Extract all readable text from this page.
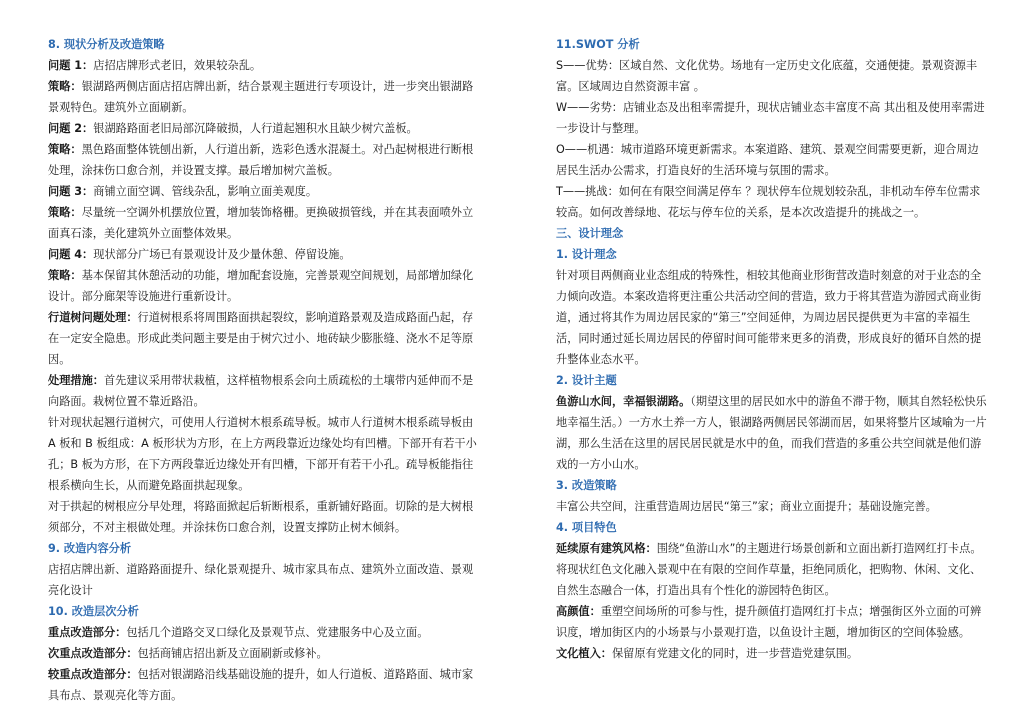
8. 现状分析及改造策略

问题 1：店招店牌形式老旧，效果较杂乱。

策略：银湖路两侧店面店招店牌出新，结合景观主题进行专项设计，进一步突出银湖路景观特色。建筑外立面刷新。

问题 2：银湖路路面老旧局部沉降破损，人行道起翘积水且缺少树穴盖板。

策略：黑色路面整体铣刨出新，人行道出新，选彩色透水混凝土。对凸起树根进行断根处理，涂抹伤口愈合剂，并设置支撑。最后增加树穴盖板。

问题 3：商铺立面空调、管线杂乱，影响立面美观度。

策略：尽量统一空调外机摆放位置，增加装饰格栅。更换破损管线，并在其表面喷外立面真石漆，美化建筑外立面整体效果。

问题 4：现状部分广场已有景观设计及少量休憩、停留设施。

策略：基本保留其休憩活动的功能，增加配套设施，完善景观空间规划，局部增加绿化设计。部分廊架等设施进行重新设计。

行道树问题处理：行道树根系将周围路面拱起裂纹，影响道路景观及造成路面凸起，存在一定安全隐患。形成此类问题主要是由于树穴过小、地砖缺少膨胀缝、浇水不足等原因。

处理措施：首先建议采用带状栽植，这样植物根系会向土质疏松的土壤带内延伸而不是向路面。栽树位置不靠近路沿。

针对现状起翘行道树穴，可使用人行道树木根系疏导板。城市人行道树木根系疏导板由 A 板和 B 板组成：A 板形状为方形，在上方两段靠近边缘处均有凹槽。下部开有若干小孔；B 板为方形，在下方两段靠近边缘处开有凹槽，下部开有若干小孔。疏导板能指往根系横向生长，从而避免路面拱起现象。

对于拱起的树根应分早处理，将路面掀起后斩断根系，重新铺好路面。切除的是大树根须部分，不对主根做处理。并涂抹伤口愈合剂，设置支撑防止树木倾斜。

9. 改造内容分析

店招店牌出新、道路路面提升、绿化景观提升、城市家具布点、建筑外立面改造、景观亮化设计

10. 改造层次分析

重点改造部分：包括几个道路交叉口绿化及景观节点、党建服务中心及立面。

次重点改造部分：包括商铺店招出新及立面刷新或修补。

较重点改造部分：包括对银湖路沿线基础设施的提升，如人行道板、道路路面、城市家具布点、景观亮化等方面。

11.SWOT 分析

S——优势：区域自然、文化优势。场地有一定历史文化底蕴，交通便捷。景观资源丰富。区域周边自然资源丰富 。

W——劣势：店铺业态及出租率需提升，现状店铺业态丰富度不高 其出租及使用率需进一步设计与整理。

O——机遇：城市道路环境更新需求。本案道路、建筑、景观空间需要更新，迎合周边居民生活办公需求，打造良好的生活环境与氛围的需求。

T——挑战：如何在有限空间满足停车 ？现状停车位规划较杂乱，非机动车停车位需求较高。如何改善绿地、花坛与停车位的关系，是本次改造提升的挑战之一。

三、设计理念

1. 设计理念

针对项目两侧商业业态组成的特殊性，相较其他商业形街营改造时刻意的对于业态的全力倾向改造。本案改造将更注重公共活动空间的营造，致力于将其营造为游园式商业街道，通过将其作为周边居民家的“第三”空间延伸，为周边居民提供更为丰富的幸福生活，同时通过延长周边居民的停留时间可能带来更多的消费，形成良好的循环自然的提升整体业态水平。

2. 设计主题

鱼游山水间，幸福银湖路。（期望这里的居民如水中的游鱼不滞于物，顺其自然轻松快乐地幸福生活。）一方水土养一方人，银湖路两侧居民邻湖而居，如果将整片区域喻为一片湖，那么生活在这里的居民居民就是水中的鱼，而我们营造的多重公共空间就是他们游戏的一方小山水。

3. 改造策略

丰富公共空间，注重营造周边居民“第三”家；商业立面提升；基础设施完善。

4. 项目特色

延续原有建筑风格：围绕“鱼游山水”的主题进行场景创新和立面出新打造网红打卡点。将现状红色文化融入景观中在有限的空间作草量，拒绝同质化，把购物、休闲、文化、自然生态融合一体，打造出具有个性化的游园特色街区。

高颜值：重塑空间场所的可参与性，提升颜值打造网红打卡点；增强街区外立面的可辨识度，增加街区内的小场景与小景观打造，以鱼设计主题，增加街区的空间体验感。

文化植入：保留原有党建文化的同时，进一步营造党建氛围。
